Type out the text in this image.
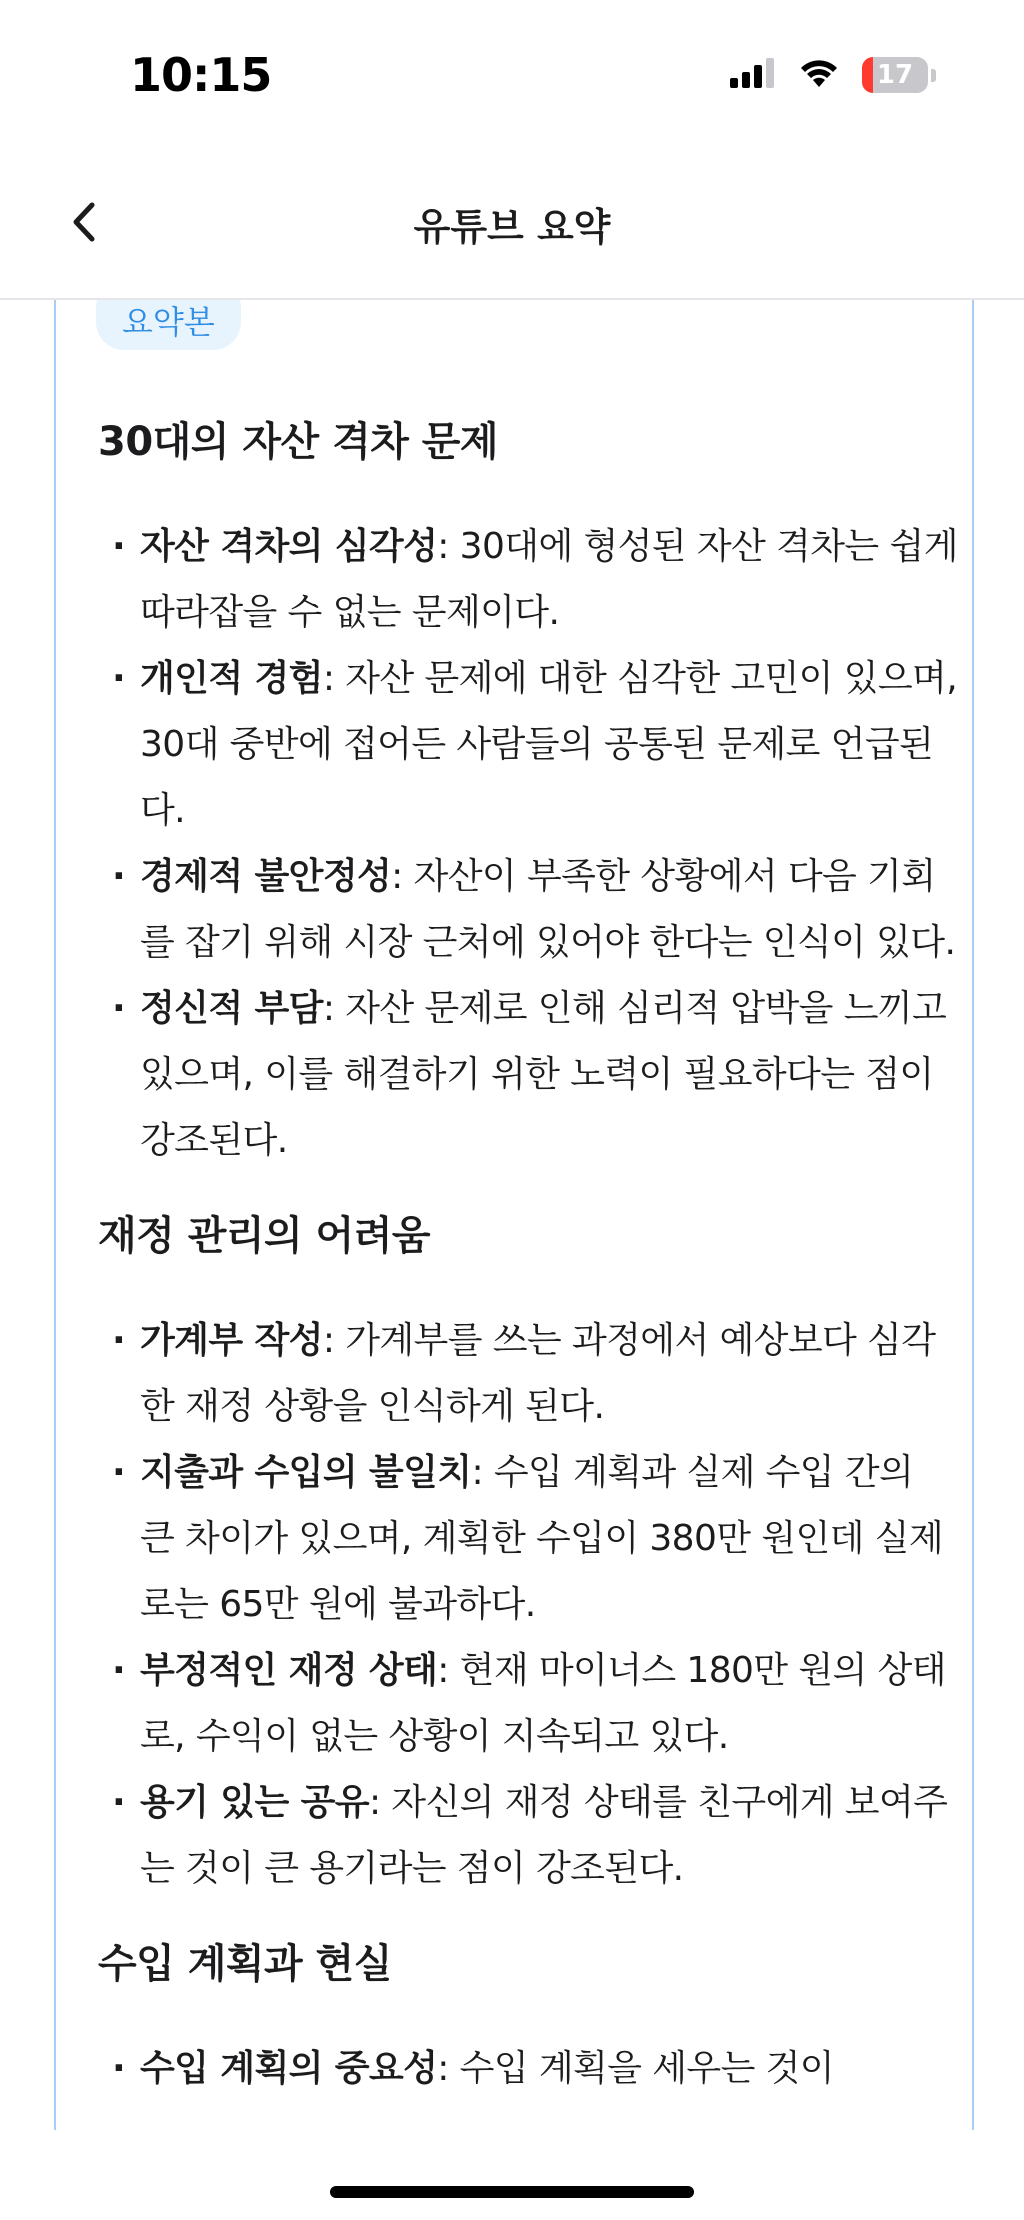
10:15	17
유튜브 요약
요약본
30대의 자산 격차 문제
· 자산 격차의 심각성: 30대에 형성된 자산 격차는 쉽게 따라잡을 수 없는 문제이다.
· 개인적 경험: 자산 문제에 대한 심각한 고민이 있으며, 30대 중반에 접어든 사람들의 공통된 문제로 언급된다.
· 경제적 불안정성: 자산이 부족한 상황에서 다음 기회를 잡기 위해 시장 근처에 있어야 한다는 인식이 있다.
· 정신적 부담: 자산 문제로 인해 심리적 압박을 느끼고 있으며, 이를 해결하기 위한 노력이 필요하다는 점이 강조된다.
재정 관리의 어려움
· 가계부 작성: 가계부를 쓰는 과정에서 예상보다 심각한 재정 상황을 인식하게 된다.
· 지출과 수입의 불일치: 수입 계획과 실제 수입 간의 큰 차이가 있으며, 계획한 수입이 380만 원인데 실제로는 65만 원에 불과하다.
· 부정적인 재정 상태: 현재 마이너스 180만 원의 상태로, 수익이 없는 상황이 지속되고 있다.
· 용기 있는 공유: 자신의 재정 상태를 친구에게 보여주는 것이 큰 용기라는 점이 강조된다.
수입 계획과 현실
· 수입 계획의 중요성: 수입 계획을 세우는 것이
